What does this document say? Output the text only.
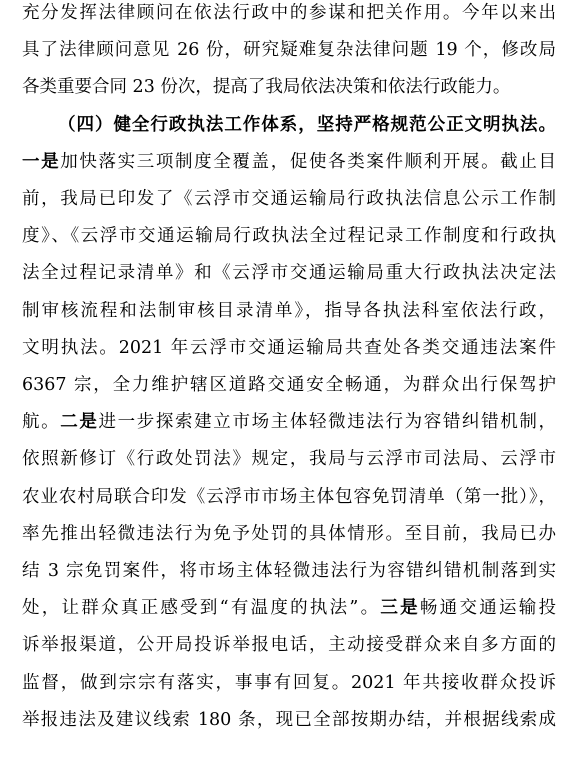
充分发挥法律顾问在依法行政中的参谋和把关作用。今年以来出
具了法律顾问意见 26 份，研究疑难复杂法律问题 19 个，修改局
各类重要合同 23 份次，提高了我局依法决策和依法行政能力。
（四）健全行政执法工作体系，坚持严格规范公正文明执法。
一是加快落实三项制度全覆盖，促使各类案件顺利开展。截止目
前，我局已印发了《云浮市交通运输局行政执法信息公示工作制
度》、《云浮市交通运输局行政执法全过程记录工作制度和行政执
法全过程记录清单》和《云浮市交通运输局重大行政执法决定法
制审核流程和法制审核目录清单》，指导各执法科室依法行政，
文明执法。2021 年云浮市交通运输局共查处各类交通违法案件
6367 宗，全力维护辖区道路交通安全畅通，为群众出行保驾护
航。二是进一步探索建立市场主体轻微违法行为容错纠错机制，
依照新修订《行政处罚法》规定，我局与云浮市司法局、云浮市
农业农村局联合印发《云浮市市场主体包容免罚清单（第一批）》，
率先推出轻微违法行为免予处罚的具体情形。至目前，我局已办
结 3 宗免罚案件，将市场主体轻微违法行为容错纠错机制落到实
处，让群众真正感受到“有温度的执法”。三是畅通交通运输投
诉举报渠道，公开局投诉举报电话，主动接受群众来自多方面的
监督，做到宗宗有落实，事事有回复。2021 年共接收群众投诉
举报违法及建议线索 180 条，现已全部按期办结，并根据线索成
